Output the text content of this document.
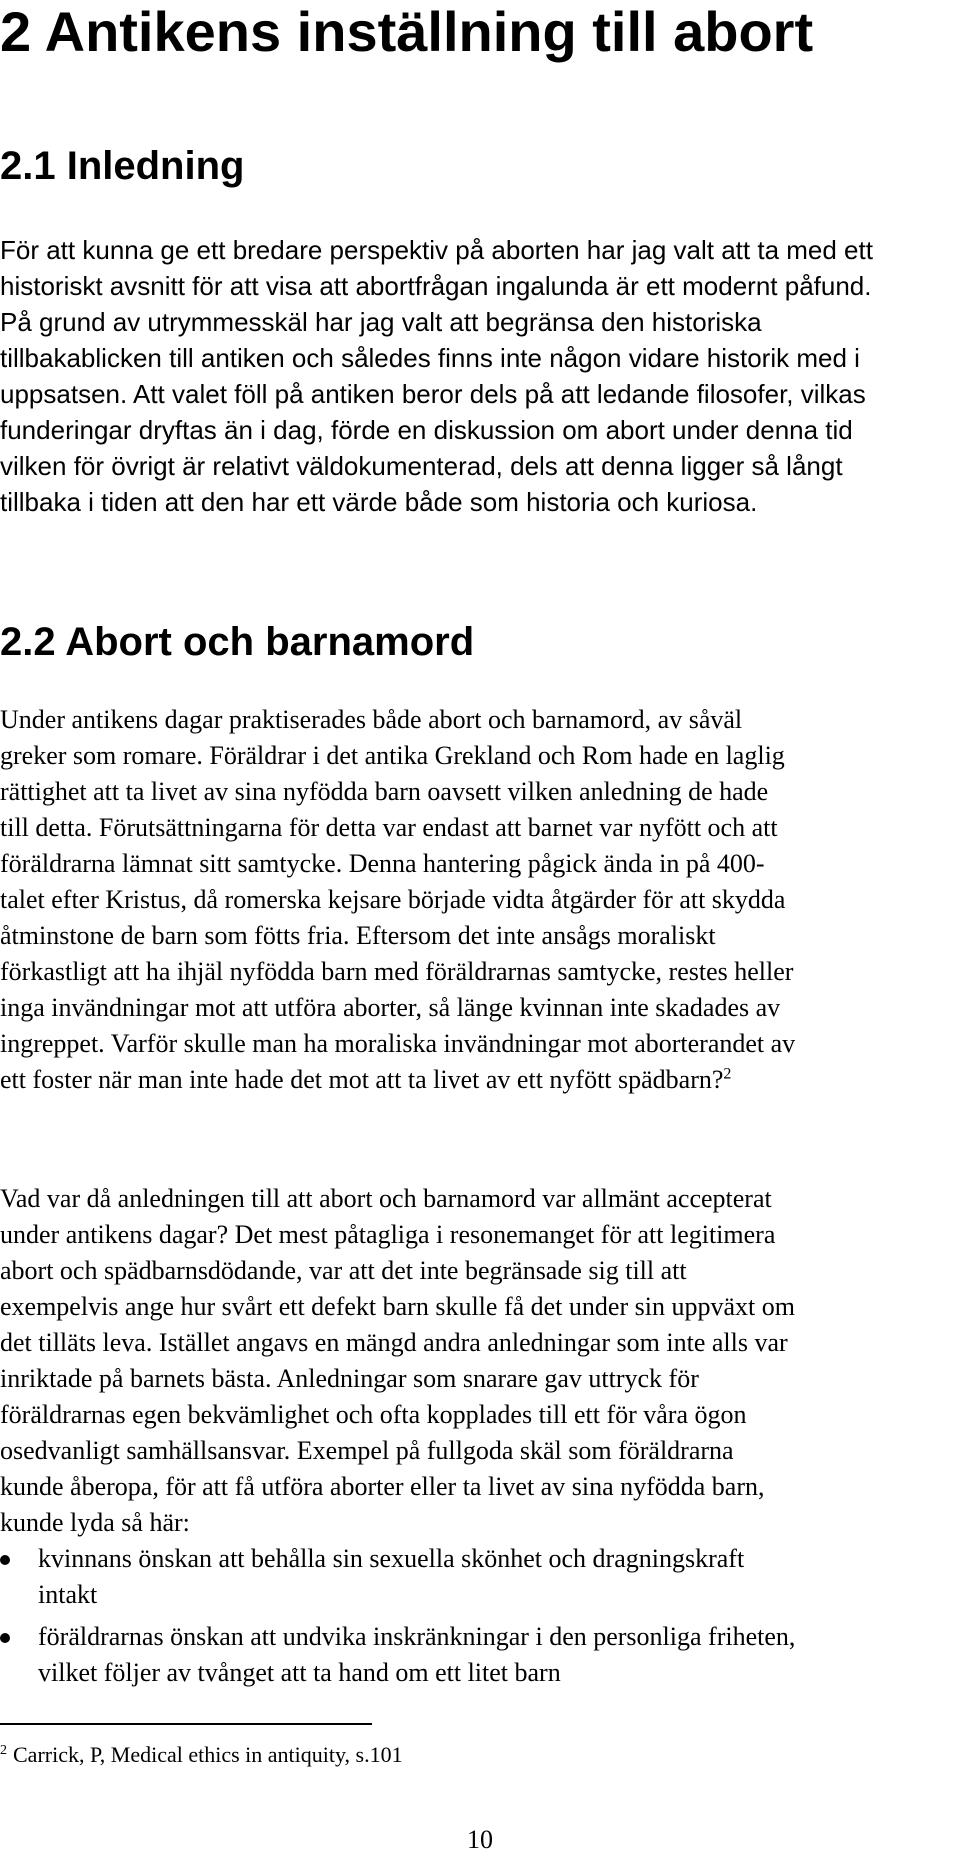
2 Antikens inställning till abort
2.1 Inledning
För att kunna ge ett bredare perspektiv på aborten har jag valt att ta med ett
historiskt avsnitt för att visa att abortfrågan ingalunda är ett modernt påfund.
På grund av utrymmesskäl har jag valt att begränsa den historiska
tillbakablicken till antiken och således finns inte någon vidare historik med i
uppsatsen. Att valet föll på antiken beror dels på att ledande filosofer, vilkas
funderingar dryftas än i dag, förde en diskussion om abort under denna tid
vilken för övrigt är relativt väldokumenterad, dels att denna ligger så långt
tillbaka i tiden att den har ett värde både som historia och kuriosa.
2.2 Abort och barnamord
Under antikens dagar praktiserades både abort och barnamord, av såväl
greker som romare. Föräldrar i det antika Grekland och Rom hade en laglig
rättighet att ta livet av sina nyfödda barn oavsett vilken anledning de hade
till detta. Förutsättningarna för detta var endast att barnet var nyfött och att
föräldrarna lämnat sitt samtycke. Denna hantering pågick ända in på 400-
talet efter Kristus, då romerska kejsare började vidta åtgärder för att skydda
åtminstone de barn som fötts fria. Eftersom det inte ansågs moraliskt
förkastligt att ha ihjäl nyfödda barn med föräldrarnas samtycke, restes heller
inga invändningar mot att utföra aborter, så länge kvinnan inte skadades av
ingreppet. Varför skulle man ha moraliska invändningar mot aborterandet av
ett foster när man inte hade det mot att ta livet av ett nyfött spädbarn?$^2$
Vad var då anledningen till att abort och barnamord var allmänt accepterat
under antikens dagar? Det mest påtagliga i resonemanget för att legitimera
abort och spädbarnsdödande, var att det inte begränsade sig till att
exempelvis ange hur svårt ett defekt barn skulle få det under sin uppväxt om
det tilläts leva. Istället angavs en mängd andra anledningar som inte alls var
inriktade på barnets bästa. Anledningar som snarare gav uttryck för
föräldrarnas egen bekvämlighet och ofta kopplades till ett för våra ögon
osedvanligt samhällsansvar. Exempel på fullgoda skäl som föräldrarna
kunde åberopa, för att få utföra aborter eller ta livet av sina nyfödda barn,
kunde lyda så här:
kvinnans önskan att behålla sin sexuella skönhet och dragningskraft
intakt
föräldrarnas önskan att undvika inskränkningar i den personliga friheten,
vilket följer av tvånget att ta hand om ett litet barn
$^2$ Carrick, P, Medical ethics in antiquity, s.101
10
